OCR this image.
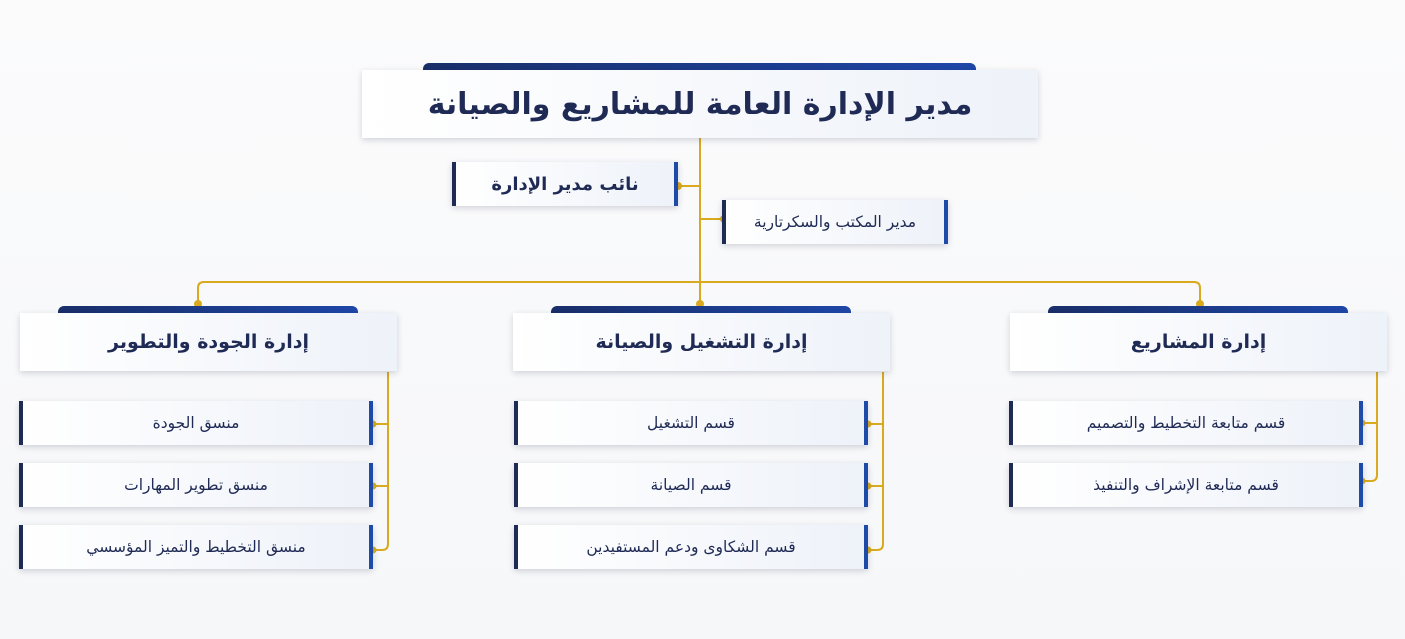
مدير الإدارة العامة للمشاريع والصيانة
نائب مدير الإدارة
مدير المكتب والسكرتارية
إدارة المشاريع
قسم متابعة التخطيط والتصميم
قسم متابعة الإشراف والتنفيذ
إدارة التشغيل والصيانة
قسم التشغيل
قسم الصيانة
قسم الشكاوى ودعم المستفيدين
إدارة الجودة والتطوير
منسق الجودة
منسق تطوير المهارات
منسق التخطيط والتميز المؤسسي
